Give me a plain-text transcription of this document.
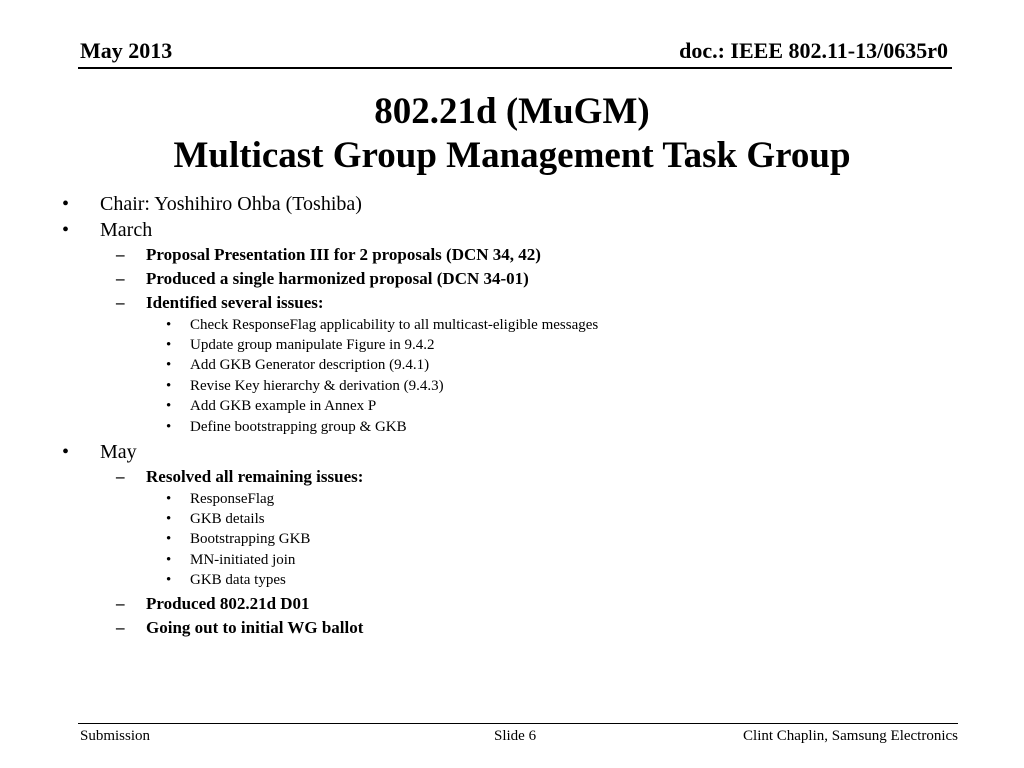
May 2013	doc.: IEEE 802.11-13/0635r0
802.21d (MuGM)
Multicast Group Management Task Group
• Chair: Yoshihiro Ohba (Toshiba)
• March
– Proposal Presentation III for 2 proposals (DCN 34, 42)
– Produced a single harmonized proposal (DCN 34-01)
– Identified several issues:
• Check ResponseFlag applicability to all multicast-eligible messages
• Update group manipulate Figure in 9.4.2
• Add GKB Generator description (9.4.1)
• Revise Key hierarchy & derivation (9.4.3)
• Add GKB example in Annex P
• Define bootstrapping group & GKB
• May
– Resolved all remaining issues:
• ResponseFlag
• GKB details
• Bootstrapping GKB
• MN-initiated join
• GKB data types
– Produced 802.21d D01
– Going out to initial WG ballot
Submission	Slide 6	Clint Chaplin, Samsung Electronics
